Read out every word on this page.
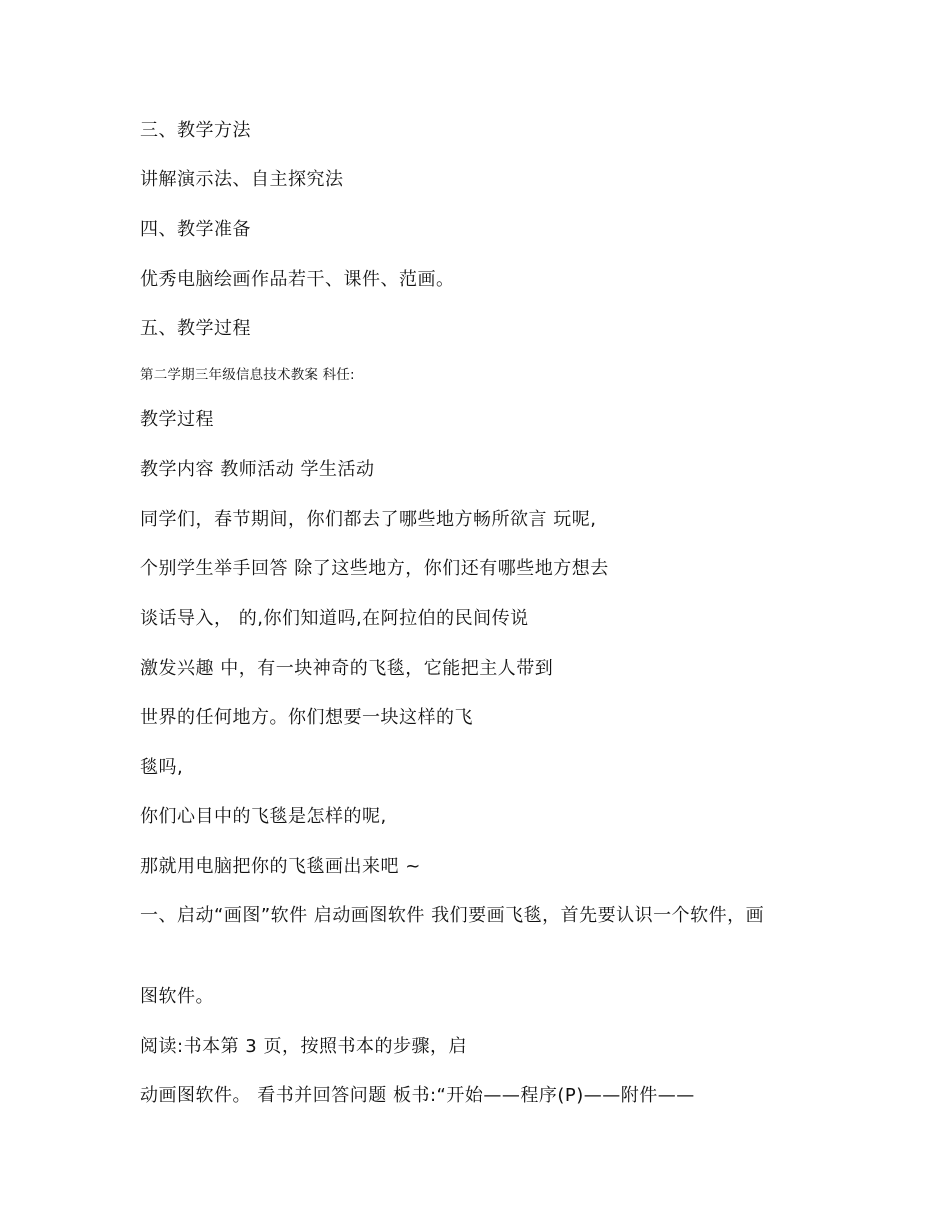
三、教学方法
讲解演示法、自主探究法
四、教学准备
优秀电脑绘画作品若干、课件、范画。
五、教学过程
第二学期三年级信息技术教案 科任:
教学过程
教学内容 教师活动 学生活动
同学们，春节期间，你们都去了哪些地方畅所欲言 玩呢,
个别学生举手回答 除了这些地方，你们还有哪些地方想去
谈话导入， 的,你们知道吗,在阿拉伯的民间传说
激发兴趣 中，有一块神奇的飞毯，它能把主人带到
世界的任何地方。你们想要一块这样的飞
毯吗,
你们心目中的飞毯是怎样的呢,
那就用电脑把你的飞毯画出来吧 ~
一、启动“画图”软件 启动画图软件 我们要画飞毯，首先要认识一个软件，画
图软件。
阅读:书本第 3 页，按照书本的步骤，启
动画图软件。 看书并回答问题 板书:“开始——程序(P)——附件——
